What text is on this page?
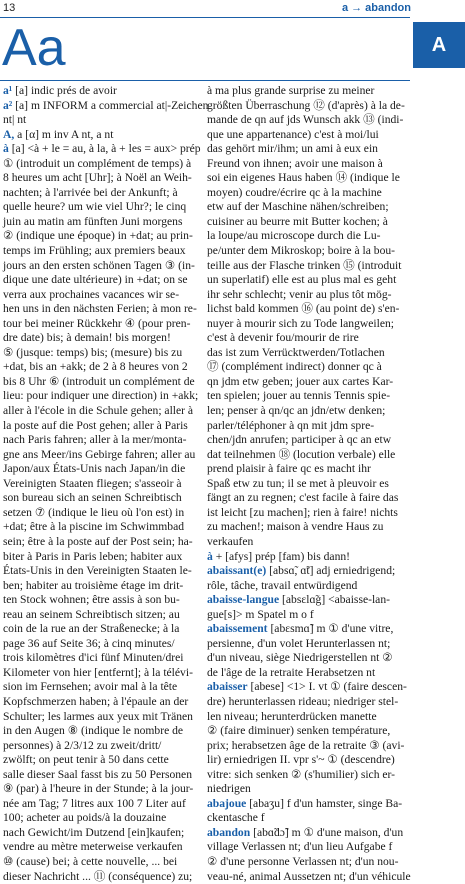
13	a → abandon
Aa	A
a¹ [a] indic prés de avoir
a² [a] m INFORM a commercial at|-Zeichen
nt| nt
A, a [α] m inv A nt, a nt
à [a] <à + le = au, à la, à + les = aux> prép
① (introduit un complément de temps) à
8 heures um acht [Uhr]; à Noël an Weih-
nachten; à l'arrivée bei der Ankunft; à
quelle heure? um wie viel Uhr?; le cinq
juin au matin am fünften Juni morgens
② (indique une époque) in +dat; au prin-
temps im Frühling; aux premiers beaux
jours an den ersten schönen Tagen ③ (in-
dique une date ultérieure) in +dat; on se
verra aux prochaines vacances wir se-
hen uns in den nächsten Ferien; à mon re-
tour bei meiner Rückkehr ④ (pour pren-
dre date) bis; à demain! bis morgen!
⑤ (jusque: temps) bis; (mesure) bis zu
+dat, bis an +akk; de 2 à 8 heures von 2
bis 8 Uhr ⑥ (introduit un complément de
lieu: pour indiquer une direction) in +akk;
aller à l'école in die Schule gehen; aller à
la poste auf die Post gehen; aller à Paris
nach Paris fahren; aller à la mer/monta-
gne ans Meer/ins Gebirge fahren; aller au
Japon/aux États-Unis nach Japan/in die
Vereinigten Staaten fliegen; s'asseoir à
son bureau sich an seinen Schreibtisch
setzen ⑦ (indique le lieu où l'on est) in
+dat; être à la piscine im Schwimmbad
sein; être à la poste auf der Post sein; ha-
biter à Paris in Paris leben; habiter aux
États-Unis in den Vereinigten Staaten le-
ben; habiter au troisième étage im drit-
ten Stock wohnen; être assis à son bu-
reau an seinem Schreibtisch sitzen; au
coin de la rue an der Straßenecke; à la
page 36 auf Seite 36; à cinq minutes/
trois kilomètres d'ici fünf Minuten/drei
Kilometer von hier [entfernt]; à la télévi-
sion im Fernsehen; avoir mal à la tête
Kopfschmerzen haben; à l'épaule an der
Schulter; les larmes aux yeux mit Tränen
in den Augen ⑧ (indique le nombre de
personnes) à 2/3/12 zu zweit/dritt/
zwölft; on peut tenir à 50 dans cette
salle dieser Saal fasst bis zu 50 Personen
⑨ (par) à l'heure in der Stunde; à la jour-
née am Tag; 7 litres aux 100 7 Liter auf
100; acheter au poids/à la douzaine
nach Gewicht/im Dutzend [ein]kaufen;
vendre au mètre meterweise verkaufen
⑩ (cause) bei; à cette nouvelle, ... bei
dieser Nachricht ... ⑪ (conséquence) zu;
à ma plus grande surprise zu meiner
größten Überraschung ⑫ (d'après) à la de-
mande de qn auf jds Wunsch akk ⑬ (indi-
que une appartenance) c'est à moi/lui
das gehört mir/ihm; un ami à eux ein
Freund von ihnen; avoir une maison à
soi ein eigenes Haus haben ⑭ (indique le
moyen) coudre/écrire qc à la machine
etw auf der Maschine nähen/schreiben;
cuisiner au beurre mit Butter kochen; à
la loupe/au microscope durch die Lu-
pe/unter dem Mikroskop; boire à la bou-
teille aus der Flasche trinken ⑮ (introduit
un superlatif) elle est au plus mal es geht
ihr sehr schlecht; venir au plus tôt mög-
lichst bald kommen ⑯ (au point de) s'en-
nuyer à mourir sich zu Tode langweilen;
c'est à devenir fou/mourir de rire
das ist zum Verrücktwerden/Totlachen
⑰ (complément indirect) donner qc à
qn jdm etw geben; jouer aux cartes Kar-
ten spielen; jouer au tennis Tennis spie-
len; penser à qn/qc an jdn/etw denken;
parler/téléphoner à qn mit jdm spre-
chen/jdn anrufen; participer à qc an etw
dat teilnehmen ⑱ (locution verbale) elle
prend plaisir à faire qc es macht ihr
Spaß etw zu tun; il se met à pleuvoir es
fängt an zu regnen; c'est facile à faire das
ist leicht [zu machen]; rien à faire! nichts
zu machen!; maison à vendre Haus zu
verkaufen
à + [afys] prép [fam) bis dann!
abaissant(e) [absɑ̃, ɑ̃t] adj erniedrigend;
rôle, tâche, travail entwürdigend
abaisse-langue [absɛlɑ̃g] <abaisse-lan-
gue[s]> m Spatel m o f
abaissement [abɛsmɑ̃] m ① d'une vitre,
persienne, d'un volet Herunterlassen nt;
d'un niveau, siège Niedrigerstellen nt ②
de l'âge de la retraite Herabsetzen nt
abaisser [abese] <1> I. vt ① (faire descen-
dre) herunterlassen rideau; niedriger stel-
len niveau; herunterdrücken manette
② (faire diminuer) senken température,
prix; herabsetzen âge de la retraite ③ (avi-
lir) erniedrigen II. vpr s'~ ① (descendre)
vitre: sich senken ② (s'humilier) sich er-
niedrigen
abajoue [abaʒu] f d'un hamster, singe Ba-
ckentasche f
abandon [abɑ̃dɔ̃] m ① d'une maison, d'un
village Verlassen nt; d'un lieu Aufgabe f
② d'une personne Verlassen nt; d'un nou-
veau-né, animal Aussetzen nt; d'un véhicule
